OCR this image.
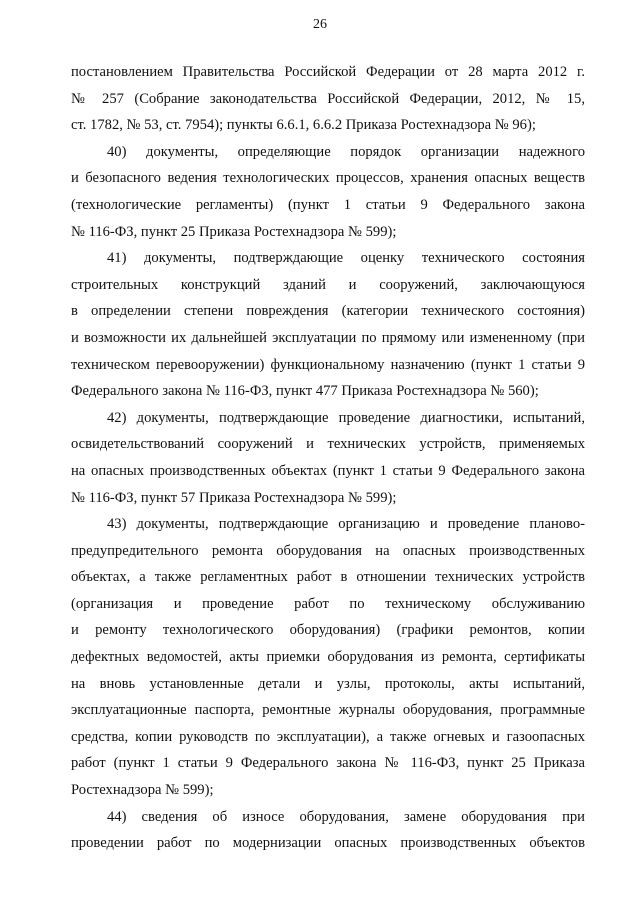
26
постановлением Правительства Российской Федерации от 28 марта 2012 г.
№ 257 (Собрание законодательства Российской Федерации, 2012, № 15,
ст. 1782, № 53, ст. 7954); пункты 6.6.1, 6.6.2 Приказа Ростехнадзора № 96);
40) документы, определяющие порядок организации надежного
и безопасного ведения технологических процессов, хранения опасных веществ
(технологические регламенты) (пункт 1 статьи 9 Федерального закона
№ 116-ФЗ, пункт 25 Приказа Ростехнадзора № 599);
41) документы, подтверждающие оценку технического состояния
строительных конструкций зданий и сооружений, заключающуюся
в определении степени повреждения (категории технического состояния)
и возможности их дальнейшей эксплуатации по прямому или измененному (при
техническом перевооружении) функциональному назначению (пункт 1 статьи 9
Федерального закона № 116-ФЗ, пункт 477 Приказа Ростехнадзора № 560);
42) документы, подтверждающие проведение диагностики, испытаний,
освидетельствований сооружений и технических устройств, применяемых
на опасных производственных объектах (пункт 1 статьи 9 Федерального закона
№ 116-ФЗ, пункт 57 Приказа Ростехнадзора № 599);
43) документы, подтверждающие организацию и проведение планово-
предупредительного ремонта оборудования на опасных производственных
объектах, а также регламентных работ в отношении технических устройств
(организация и проведение работ по техническому обслуживанию
и ремонту технологического оборудования) (графики ремонтов, копии
дефектных ведомостей, акты приемки оборудования из ремонта, сертификаты
на вновь установленные детали и узлы, протоколы, акты испытаний,
эксплуатационные паспорта, ремонтные журналы оборудования, программные
средства, копии руководств по эксплуатации), а также огневых и газоопасных
работ (пункт 1 статьи 9 Федерального закона № 116-ФЗ, пункт 25 Приказа
Ростехнадзора № 599);
44) сведения об износе оборудования, замене оборудования при
проведении работ по модернизации опасных производственных объектов
